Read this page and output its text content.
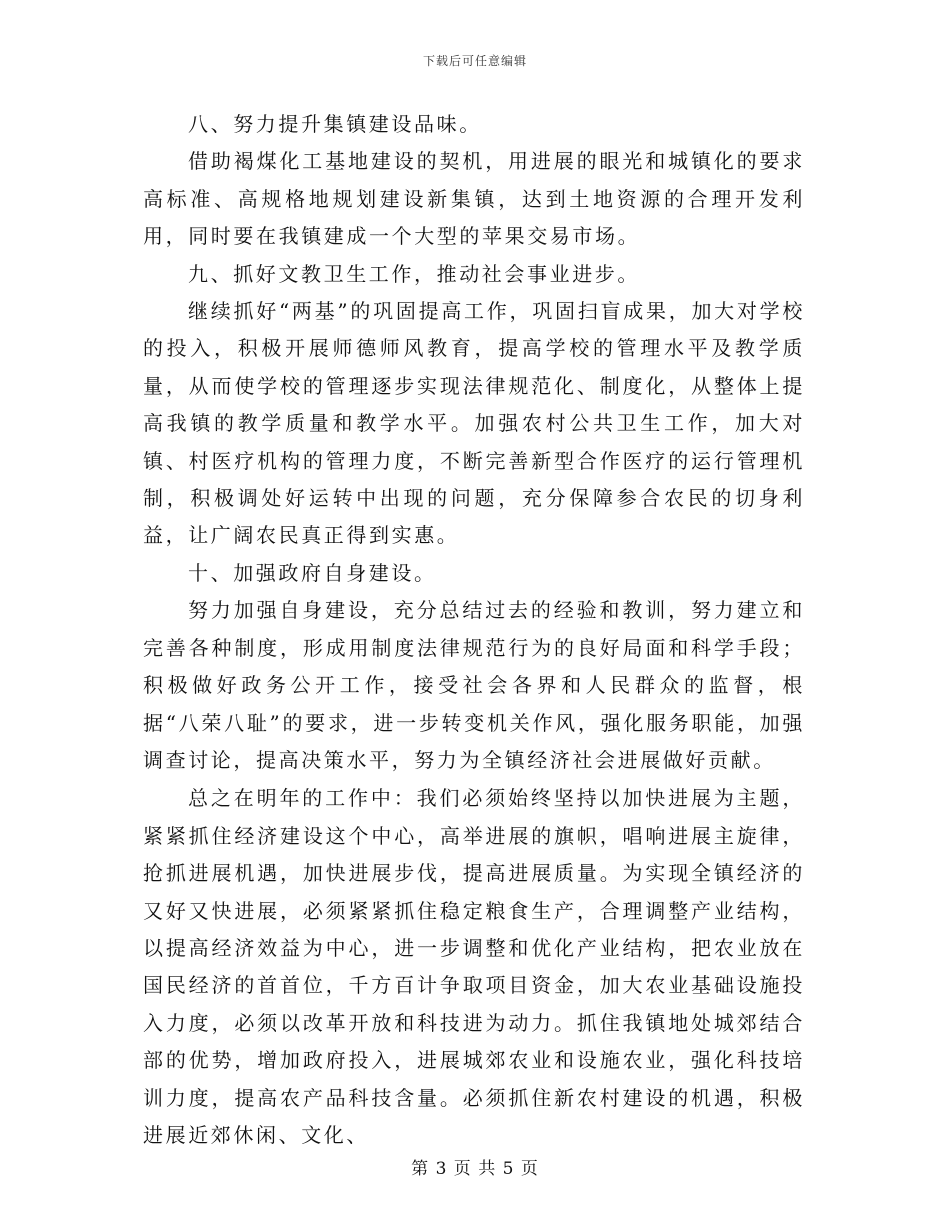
下载后可任意编辑

八、努力提升集镇建设品味。

借助褐煤化工基地建设的契机，用进展的眼光和城镇化的要求高标准、高规格地规划建设新集镇，达到土地资源的合理开发利用，同时要在我镇建成一个大型的苹果交易市场。

九、抓好文教卫生工作，推动社会事业进步。

继续抓好“两基”的巩固提高工作，巩固扫盲成果，加大对学校的投入，积极开展师德师风教育，提高学校的管理水平及教学质量，从而使学校的管理逐步实现法律规范化、制度化，从整体上提高我镇的教学质量和教学水平。加强农村公共卫生工作，加大对镇、村医疗机构的管理力度，不断完善新型合作医疗的运行管理机制，积极调处好运转中出现的问题，充分保障参合农民的切身利益，让广阔农民真正得到实惠。

十、加强政府自身建设。

努力加强自身建设，充分总结过去的经验和教训，努力建立和完善各种制度，形成用制度法律规范行为的良好局面和科学手段；积极做好政务公开工作，接受社会各界和人民群众的监督，根据“八荣八耻”的要求，进一步转变机关作风，强化服务职能，加强调查讨论，提高决策水平，努力为全镇经济社会进展做好贡献。

总之在明年的工作中：我们必须始终坚持以加快进展为主题，紧紧抓住经济建设这个中心，高举进展的旗帜，唱响进展主旋律，抢抓进展机遇，加快进展步伐，提高进展质量。为实现全镇经济的又好又快进展，必须紧紧抓住稳定粮食生产，合理调整产业结构，以提高经济效益为中心，进一步调整和优化产业结构，把农业放在国民经济的首首位，千方百计争取项目资金，加大农业基础设施投入力度，必须以改革开放和科技进为动力。抓住我镇地处城郊结合部的优势，增加政府投入，进展城郊农业和设施农业，强化科技培训力度，提高农产品科技含量。必须抓住新农村建设的机遇，积极进展近郊休闲、文化、

第 3 页 共 5 页
